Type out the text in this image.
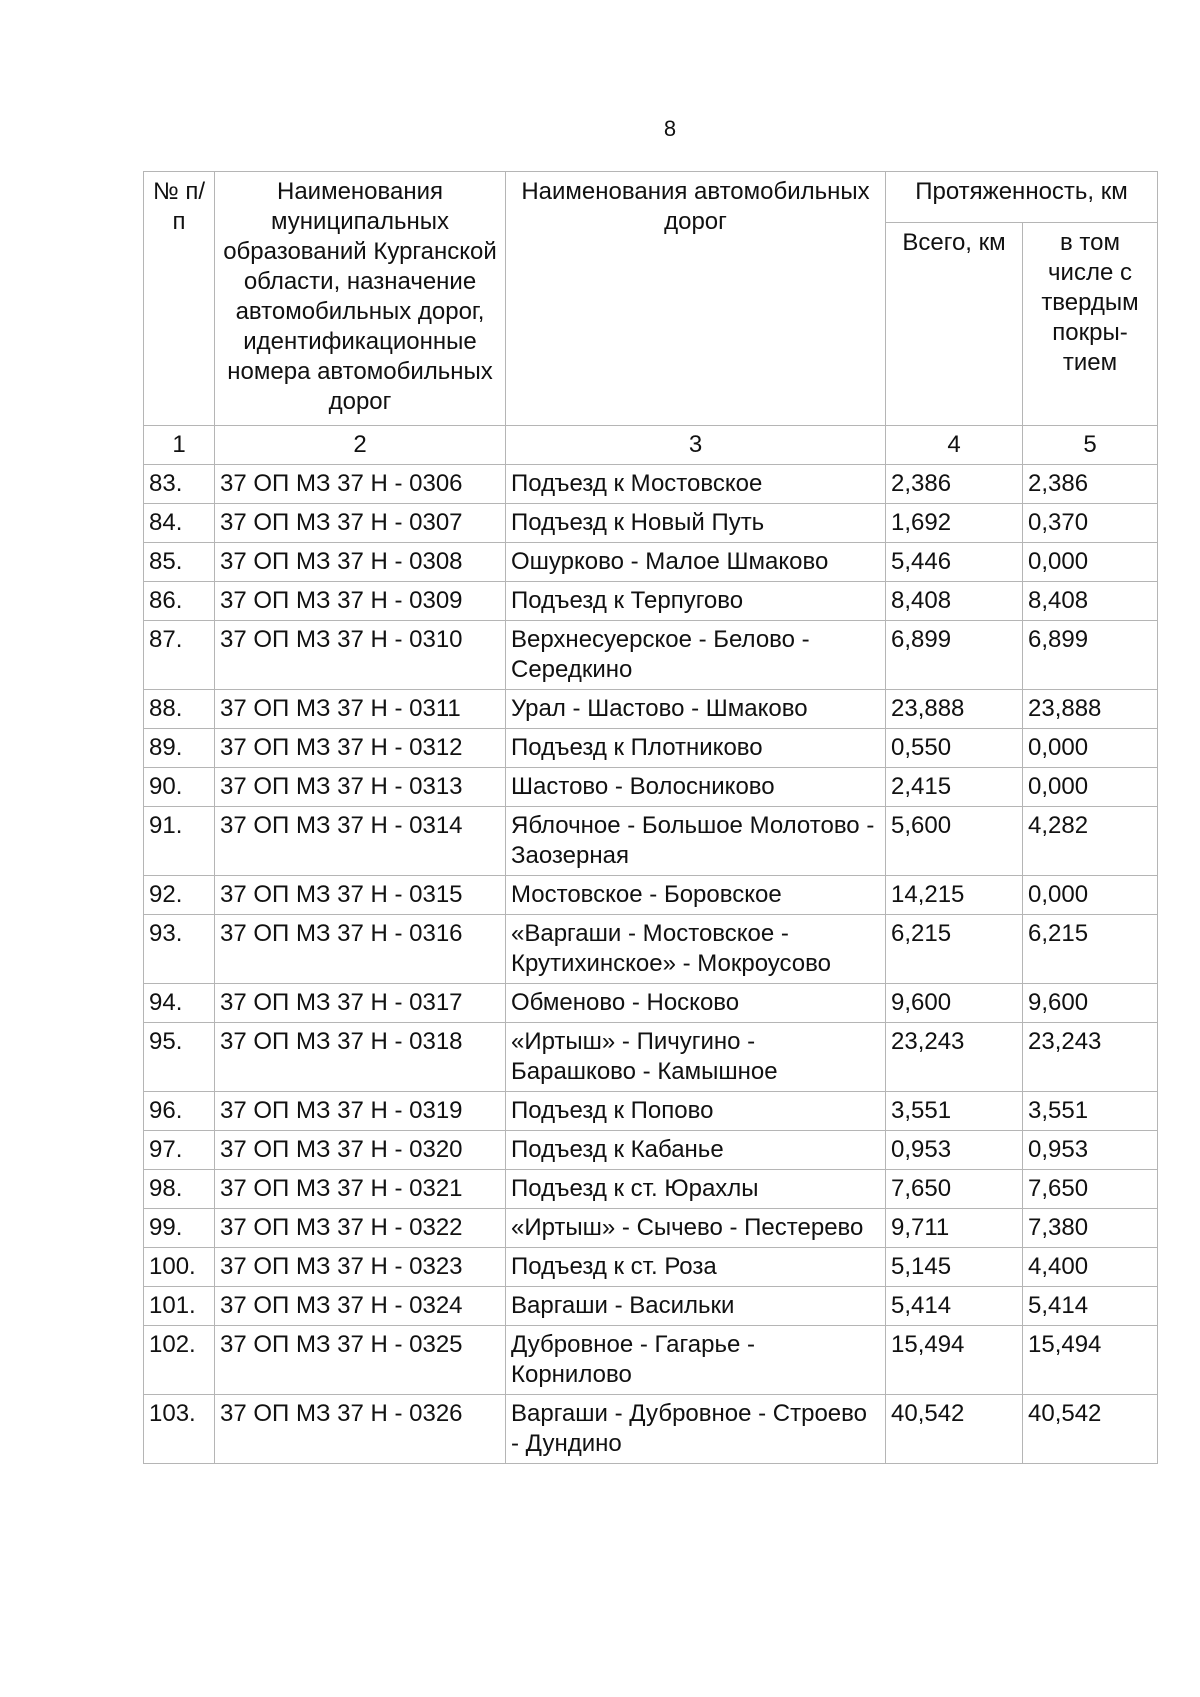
8
№ п/п	Наименования муниципальных образований Курганской области, назначение автомобильных дорог, идентификационные номера автомобильных дорог	Наименования автомобильных дорог	Протяженность, км	
			Всего, км	в том числе с твердым покры-тием
1	2	3	4	5
83.	37 ОП МЗ 37 Н - 0306	Подъезд к Мостовское	2,386	2,386
84.	37 ОП МЗ 37 Н - 0307	Подъезд к Новый Путь	1,692	0,370
85.	37 ОП МЗ 37 Н - 0308	Ошурково - Малое Шмаково	5,446	0,000
86.	37 ОП МЗ 37 Н - 0309	Подъезд к Терпугово	8,408	8,408
87.	37 ОП МЗ 37 Н - 0310	Верхнесуерское - Белово - Середкино	6,899	6,899
88.	37 ОП МЗ 37 Н - 0311	Урал - Шастово - Шмаково	23,888	23,888
89.	37 ОП МЗ 37 Н - 0312	Подъезд к Плотниково	0,550	0,000
90.	37 ОП МЗ 37 Н - 0313	Шастово - Волосниково	2,415	0,000
91.	37 ОП МЗ 37 Н - 0314	Яблочное - Большое Молотово - Заозерная	5,600	4,282
92.	37 ОП МЗ 37 Н - 0315	Мостовское - Боровское	14,215	0,000
93.	37 ОП МЗ 37 Н - 0316	«Варгаши - Мостовское - Крутихинское» - Мокроусово	6,215	6,215
94.	37 ОП МЗ 37 Н - 0317	Обменово - Носково	9,600	9,600
95.	37 ОП МЗ 37 Н - 0318	«Иртыш» - Пичугино - Барашково - Камышное	23,243	23,243
96.	37 ОП МЗ 37 Н - 0319	Подъезд к Попово	3,551	3,551
97.	37 ОП МЗ 37 Н - 0320	Подъезд к Кабанье	0,953	0,953
98.	37 ОП МЗ 37 Н - 0321	Подъезд к ст. Юрахлы	7,650	7,650
99.	37 ОП МЗ 37 Н - 0322	«Иртыш» - Сычево - Пестерево	9,711	7,380
100.	37 ОП МЗ 37 Н - 0323	Подъезд к ст. Роза	5,145	4,400
101.	37 ОП МЗ 37 Н - 0324	Варгаши - Васильки	5,414	5,414
102.	37 ОП МЗ 37 Н - 0325	Дубровное - Гагарье - Корнилово	15,494	15,494
103.	37 ОП МЗ 37 Н - 0326	Варгаши - Дубровное - Строево - Дундино	40,542	40,542
